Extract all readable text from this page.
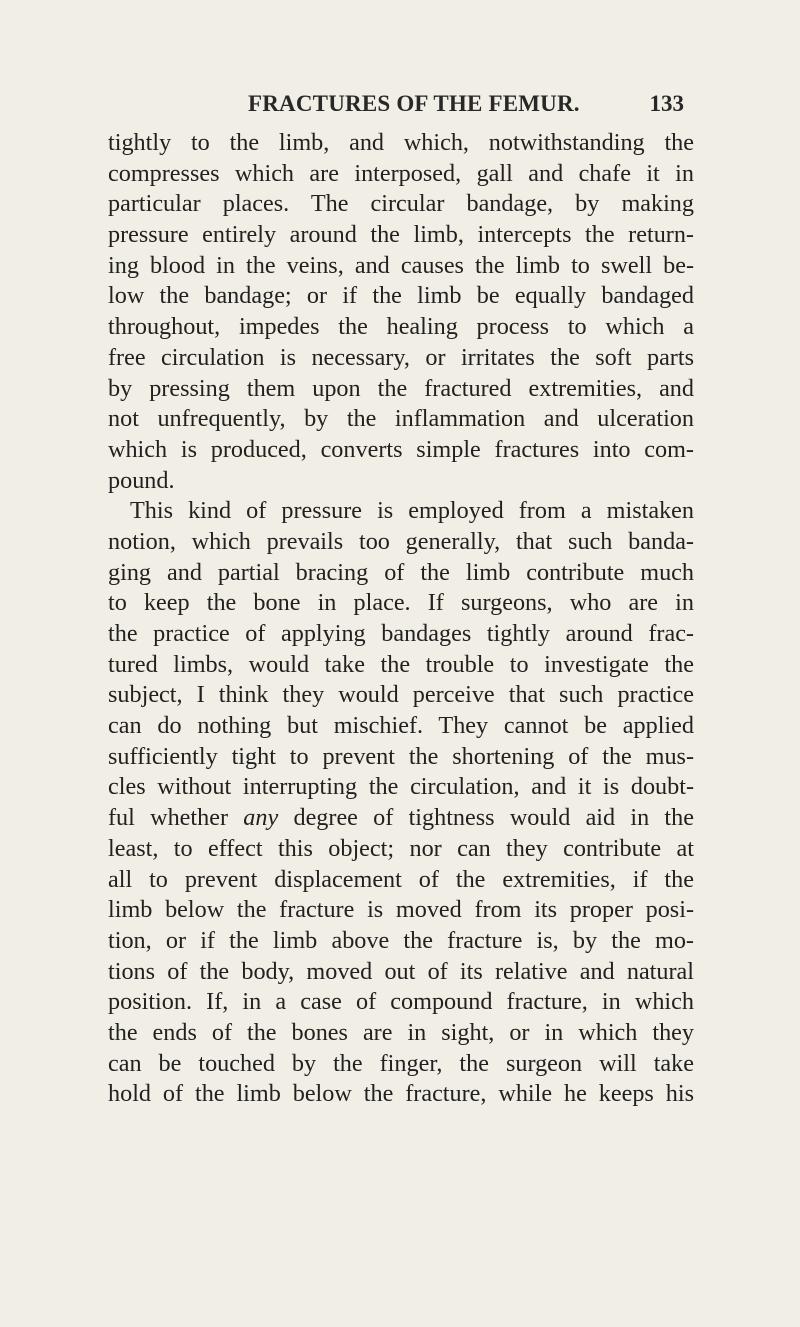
FRACTURES OF THE FEMUR.	133
tightly to the limb, and which, notwithstanding the
compresses which are interposed, gall and chafe it in
particular places. The circular bandage, by making
pressure entirely around the limb, intercepts the return-
ing blood in the veins, and causes the limb to swell be-
low the bandage; or if the limb be equally bandaged
throughout, impedes the healing process to which a
free circulation is necessary, or irritates the soft parts
by pressing them upon the fractured extremities, and
not unfrequently, by the inflammation and ulceration
which is produced, converts simple fractures into com-
pound.
This kind of pressure is employed from a mistaken
notion, which prevails too generally, that such banda-
ging and partial bracing of the limb contribute much
to keep the bone in place. If surgeons, who are in
the practice of applying bandages tightly around frac-
tured limbs, would take the trouble to investigate the
subject, I think they would perceive that such practice
can do nothing but mischief. They cannot be applied
sufficiently tight to prevent the shortening of the mus-
cles without interrupting the circulation, and it is doubt-
ful whether any degree of tightness would aid in the
least, to effect this object; nor can they contribute at
all to prevent displacement of the extremities, if the
limb below the fracture is moved from its proper posi-
tion, or if the limb above the fracture is, by the mo-
tions of the body, moved out of its relative and natural
position. If, in a case of compound fracture, in which
the ends of the bones are in sight, or in which they
can be touched by the finger, the surgeon will take
hold of the limb below the fracture, while he keeps his
